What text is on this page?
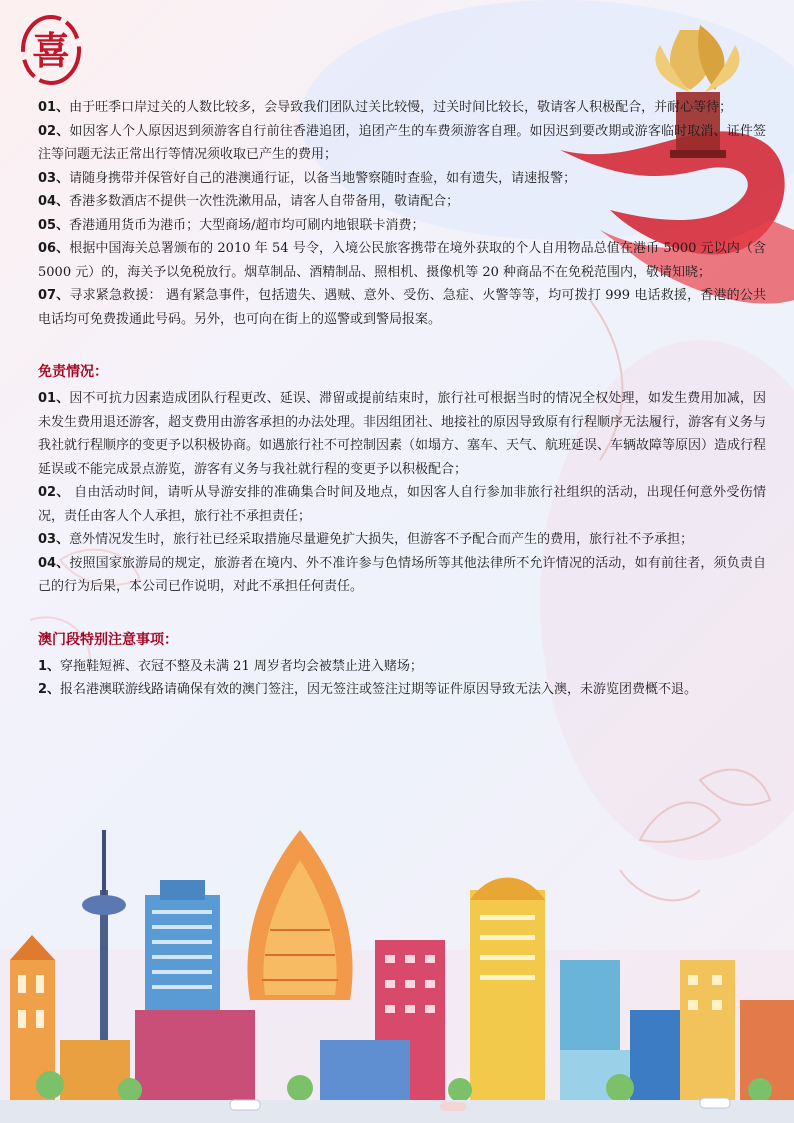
喜

01、由于旺季口岸过关的人数比较多，会导致我们团队过关比较慢，过关时间比较长，敬请客人积极配合，并耐心等待；

02、如因客人个人原因迟到须游客自行前往香港追团，追团产生的车费须游客自理。如因迟到要改期或游客临时取消、证件签注等问题无法正常出行等情况须收取已产生的费用；

03、请随身携带并保管好自己的港澳通行证，以备当地警察随时查验，如有遗失，请速报警；

04、香港多数酒店不提供一次性洗漱用品，请客人自带备用，敬请配合；

05、香港通用货币为港币；大型商场/超市均可刷内地银联卡消费；

06、根据中国海关总署颁布的 2010 年 54 号令，入境公民旅客携带在境外获取的个人自用物品总值在港币 5000 元以内（含 5000 元）的，海关予以免税放行。烟草制品、酒精制品、照相机、摄像机等 20 种商品不在免税范围内，敬请知晓；

07、寻求紧急救援： 遇有紧急事件，包括遗失、遇贼、意外、受伤、急症、火警等等，均可拨打 999 电话救援，香港的公共电话均可免费拨通此号码。另外，也可向在街上的巡警或到警局报案。

免责情况：

01、因不可抗力因素造成团队行程更改、延误、滞留或提前结束时，旅行社可根据当时的情况全权处理，如发生费用加减，因未发生费用退还游客，超支费用由游客承担的办法处理。非因组团社、地接社的原因导致原有行程顺序无法履行，游客有义务与我社就行程顺序的变更予以积极协商。如遇旅行社不可控制因素（如塌方、塞车、天气、航班延误、车辆故障等原因）造成行程延误或不能完成景点游览，游客有义务与我社就行程的变更予以积极配合；

02、 自由活动时间，请听从导游安排的准确集合时间及地点，如因客人自行参加非旅行社组织的活动，出现任何意外受伤情况，责任由客人个人承担，旅行社不承担责任；

03、意外情况发生时，旅行社已经采取措施尽量避免扩大损失，但游客不予配合而产生的费用，旅行社不予承担；

04、按照国家旅游局的规定，旅游者在境内、外不准许参与色情场所等其他法律所不允许情况的活动，如有前往者，须负责自己的行为后果，本公司已作说明，对此不承担任何责任。

澳门段特别注意事项：

1、穿拖鞋短裤、衣冠不整及未满 21 周岁者均会被禁止进入赌场；

2、报名港澳联游线路请确保有效的澳门签注，因无签注或签注过期等证件原因导致无法入澳，未游览团费概不退。
